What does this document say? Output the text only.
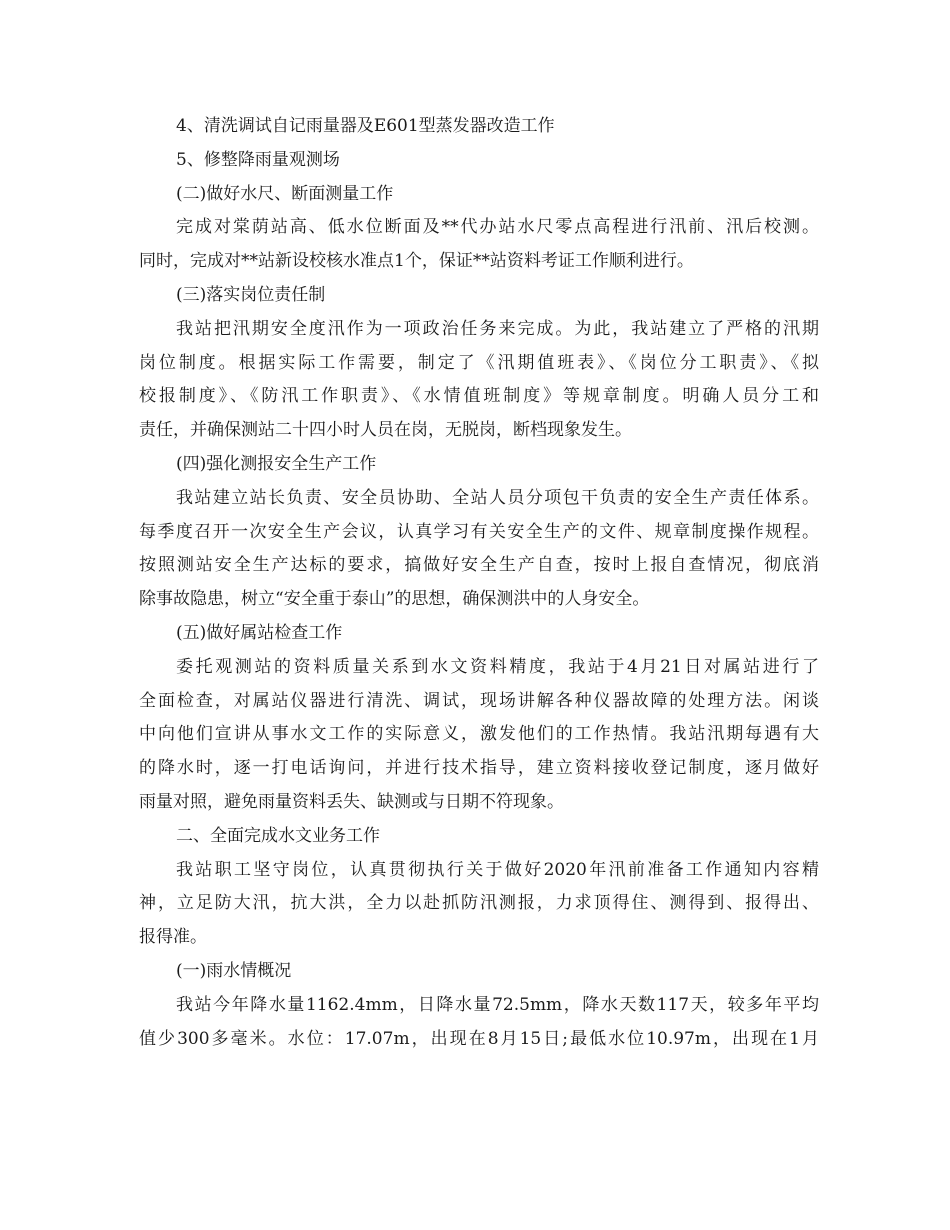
4、清洗调试自记雨量器及E601型蒸发器改造工作
5、修整降雨量观测场
(二)做好水尺、断面测量工作
完成对棠荫站高、低水位断面及**代办站水尺零点高程进行汛前、汛后校测。
同时，完成对**站新设校核水准点1个，保证**站资料考证工作顺利进行。
(三)落实岗位责任制
我站把汛期安全度汛作为一项政治任务来完成。为此，我站建立了严格的汛期
岗位制度。根据实际工作需要，制定了《汛期值班表》、《岗位分工职责》、《拟
校报制度》、《防汛工作职责》、《水情值班制度》等规章制度。明确人员分工和
责任，并确保测站二十四小时人员在岗，无脱岗，断档现象发生。
(四)强化测报安全生产工作
我站建立站长负责、安全员协助、全站人员分项包干负责的安全生产责任体系。
每季度召开一次安全生产会议，认真学习有关安全生产的文件、规章制度操作规程。
按照测站安全生产达标的要求，搞做好安全生产自查，按时上报自查情况，彻底消
除事故隐患，树立“安全重于泰山”的思想，确保测洪中的人身安全。
(五)做好属站检查工作
委托观测站的资料质量关系到水文资料精度，我站于4月21日对属站进行了
全面检查，对属站仪器进行清洗、调试，现场讲解各种仪器故障的处理方法。闲谈
中向他们宣讲从事水文工作的实际意义，激发他们的工作热情。我站汛期每遇有大
的降水时，逐一打电话询问，并进行技术指导，建立资料接收登记制度，逐月做好
雨量对照，避免雨量资料丢失、缺测或与日期不符现象。
二、全面完成水文业务工作
我站职工坚守岗位，认真贯彻执行关于做好2020年汛前准备工作通知内容精
神，立足防大汛，抗大洪，全力以赴抓防汛测报，力求顶得住、测得到、报得出、
报得准。
(一)雨水情概况
我站今年降水量1162.4mm，日降水量72.5mm，降水天数117天，较多年平均
值少300多毫米。水位：17.07m，出现在8月15日;最低水位10.97m，出现在1月
